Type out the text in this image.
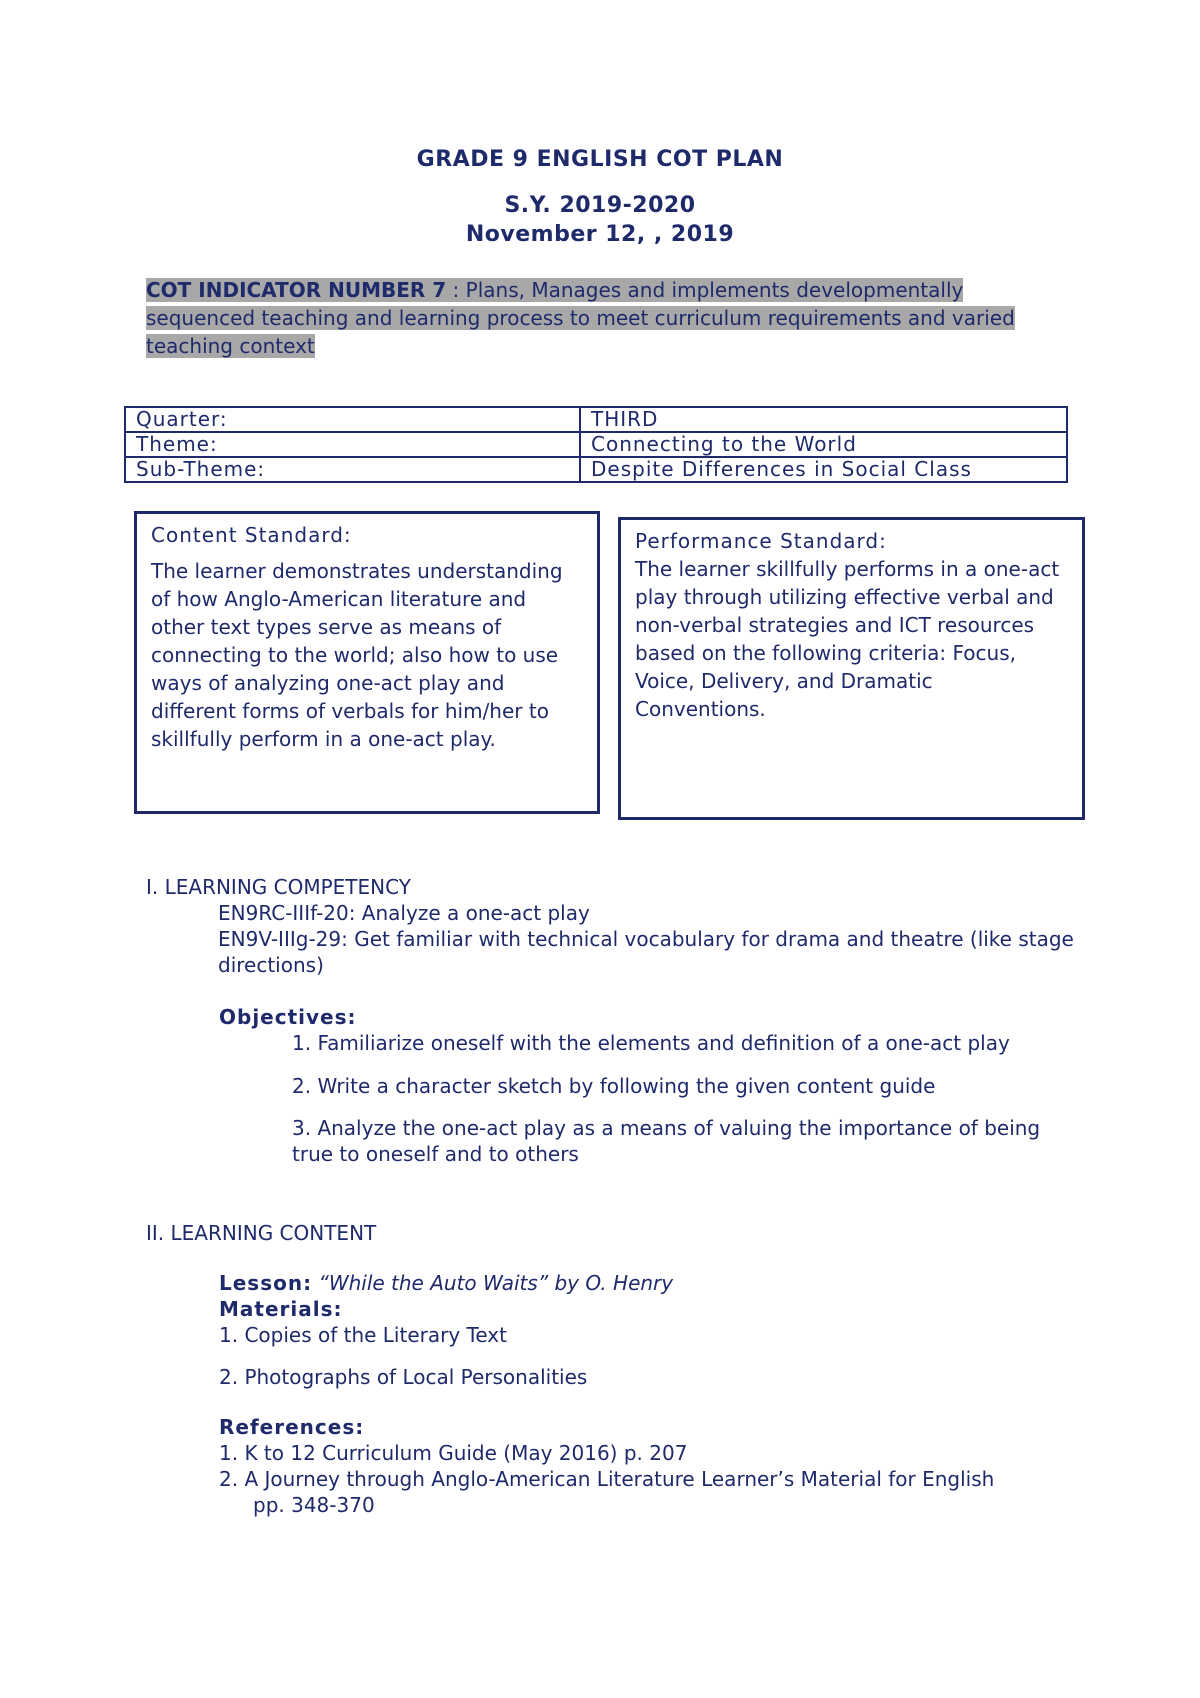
GRADE 9 ENGLISH COT PLAN
S.Y. 2019-2020
November 12, , 2019
COT INDICATOR NUMBER 7 : Plans, Manages and implements developmentally sequenced teaching and learning process to meet curriculum requirements and varied teaching context
Quarter:	THIRD
Theme:	Connecting to the World
Sub-Theme:	Despite Differences in Social Class
Content Standard:
The learner demonstrates understanding of how Anglo-American literature and other text types serve as means of connecting to the world; also how to use ways of analyzing one-act play and different forms of verbals for him/her to skillfully perform in a one-act play.
Performance Standard:
The learner skillfully performs in a one-act play through utilizing effective verbal and non-verbal strategies and ICT resources based on the following criteria: Focus, Voice, Delivery, and Dramatic Conventions.
I. LEARNING COMPETENCY
EN9RC-IIIf-20: Analyze a one-act play
EN9V-IIIg-29: Get familiar with technical vocabulary for drama and theatre (like stage directions)
Objectives:
1. Familiarize oneself with the elements and definition of a one-act play
2. Write a character sketch by following the given content guide
3. Analyze the one-act play as a means of valuing the importance of being true to oneself and to others
II. LEARNING CONTENT
Lesson: “While the Auto Waits” by O. Henry
Materials:
1. Copies of the Literary Text
2. Photographs of Local Personalities
References:
1. K to 12 Curriculum Guide (May 2016) p. 207
2. A Journey through Anglo-American Literature Learner’s Material for English
pp. 348-370
